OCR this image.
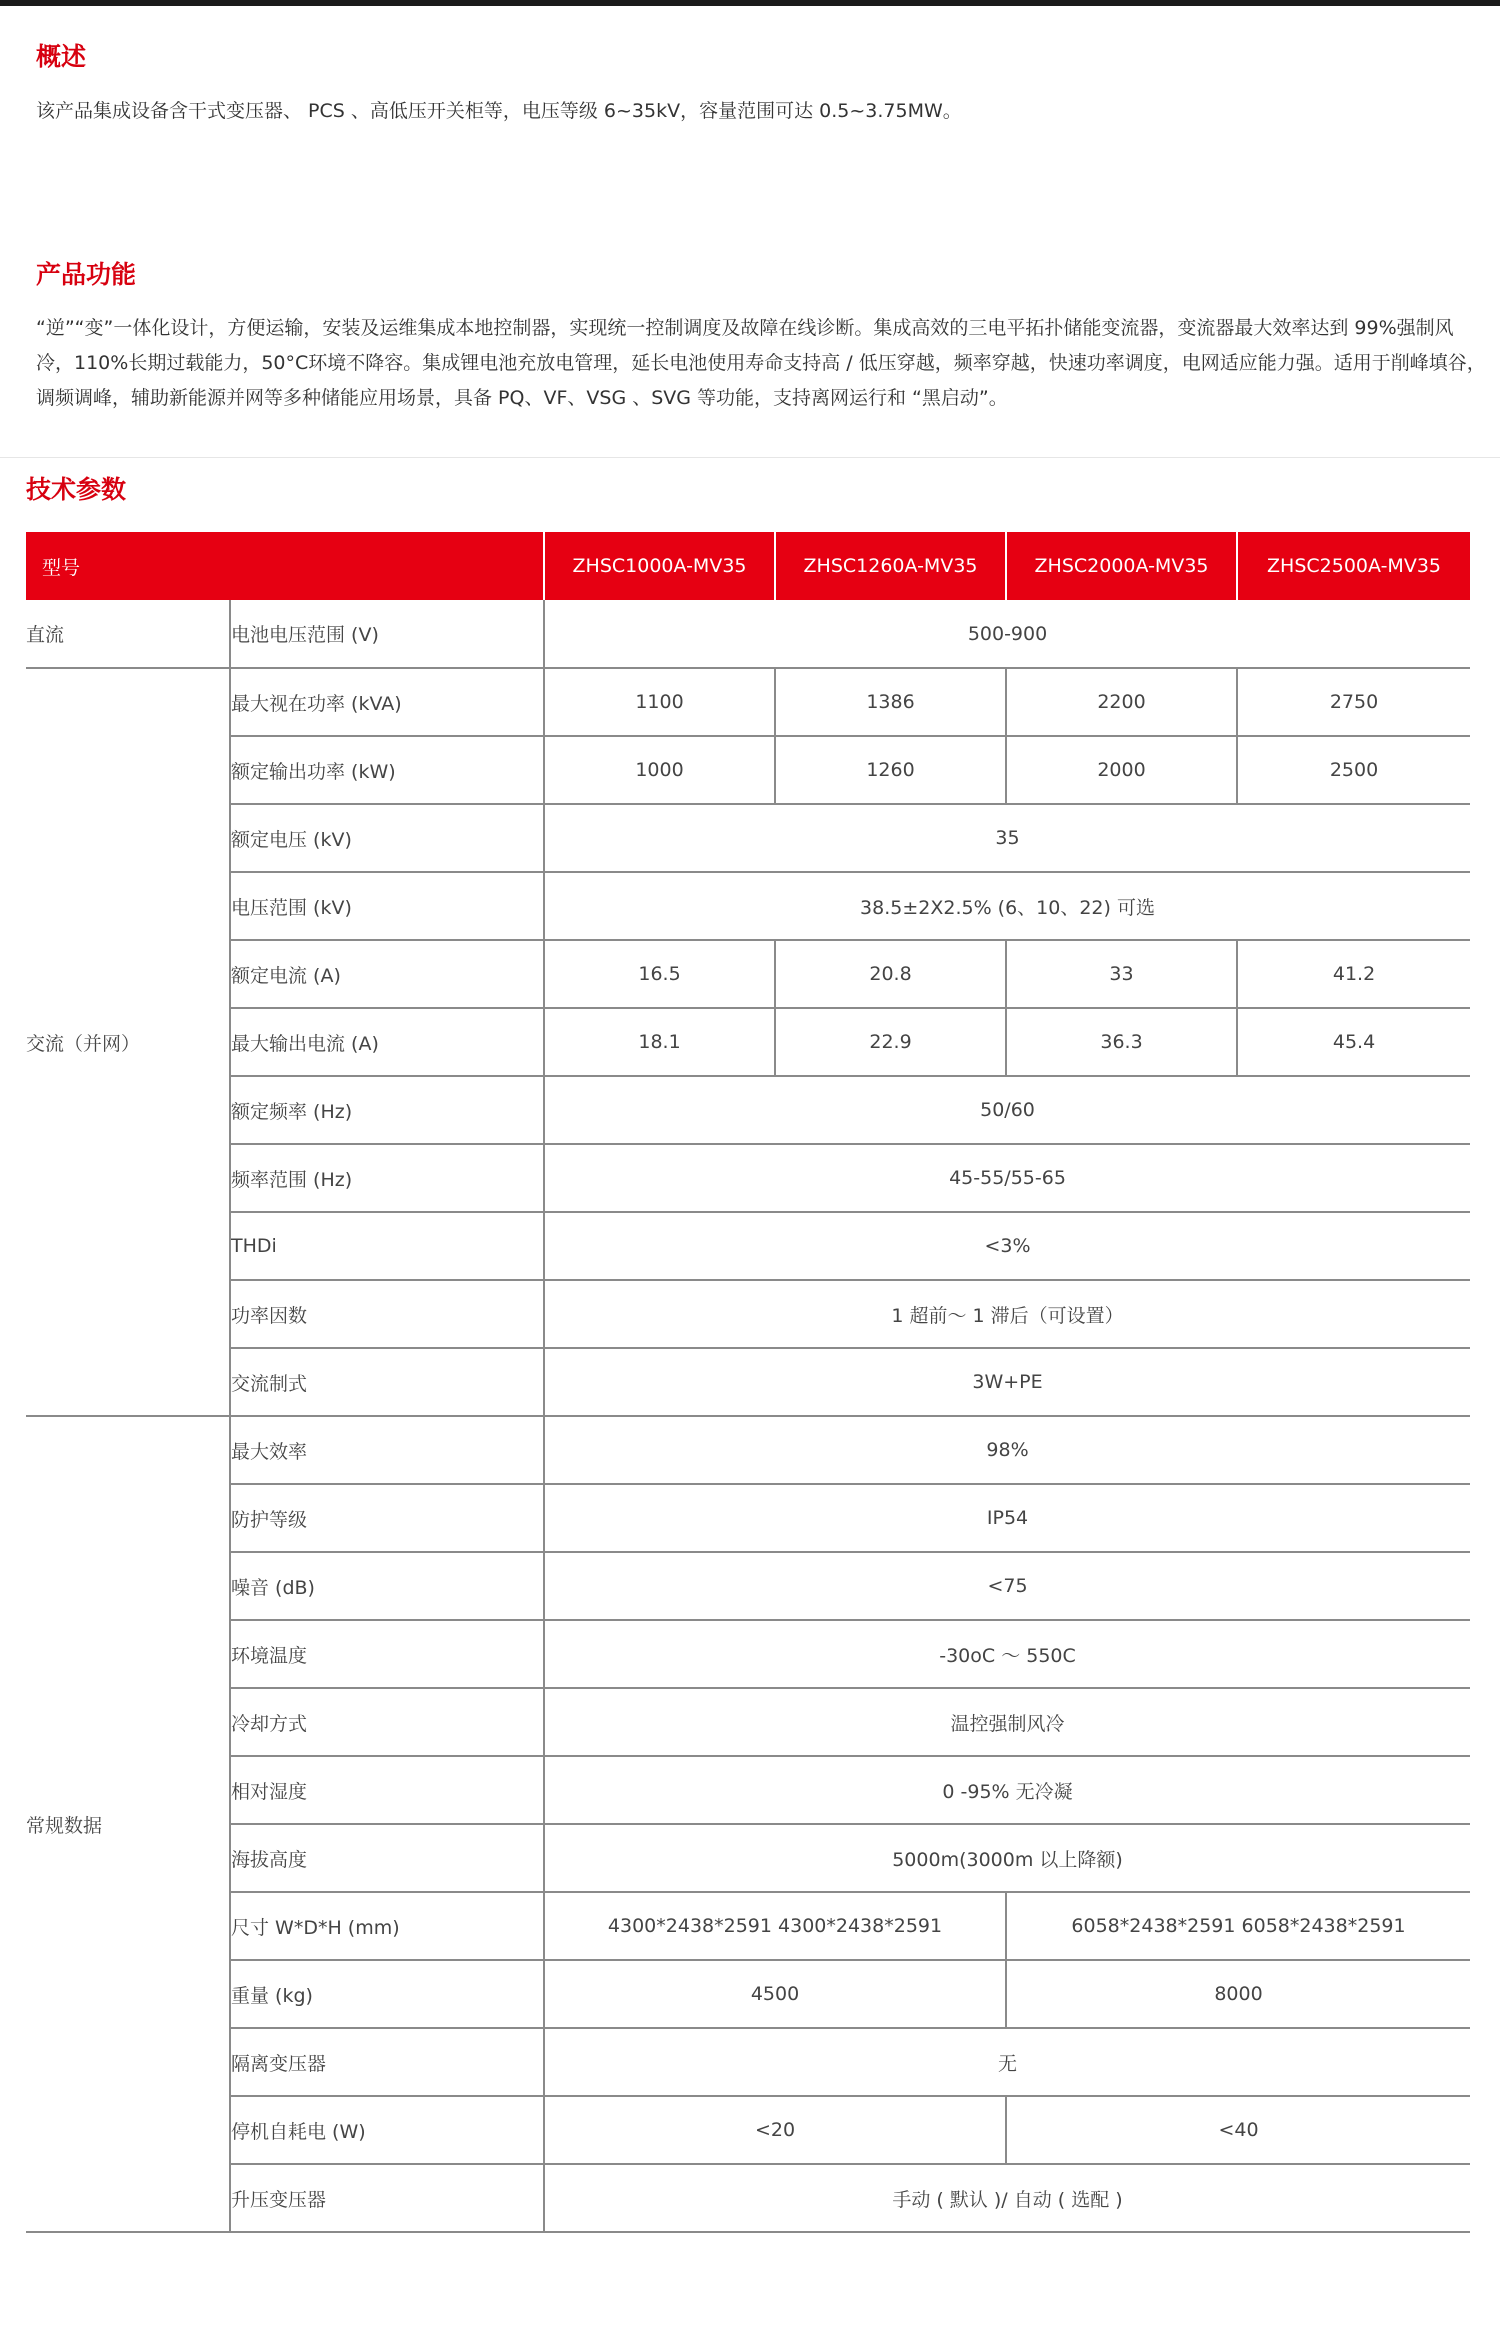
概述

该产品集成设备含干式变压器、 PCS 、高低压开关柜等，电压等级 6~35kV，容量范围可达 0.5~3.75MW。

产品功能

“逆”“变”一体化设计，方便运输，安装及运维集成本地控制器，实现统一控制调度及故障在线诊断。集成高效的三电平拓扑储能变流器，变流器最大效率达到 99%强制风冷，110%长期过载能力，50°C环境不降容。集成锂电池充放电管理，延长电池使用寿命支持高 / 低压穿越，频率穿越，快速功率调度，电网适应能力强。适用于削峰填谷，调频调峰，辅助新能源并网等多种储能应用场景，具备 PQ、VF、VSG 、SVG 等功能，支持离网运行和 “黑启动”。

技术参数
型号		ZHSC1000A-MV35	ZHSC1260A-MV35	ZHSC2000A-MV35	ZHSC2500A-MV35
直流	电池电压范围 (V)	500-900			
交流（并网）	最大视在功率 (kVA)	1100	1386	2200	2750
	额定输出功率 (kW)	1000	1260	2000	2500
	额定电压 (kV)	35			
	电压范围 (kV)	38.5±2X2.5% (6、10、22) 可选			
	额定电流 (A)	16.5	20.8	33	41.2
	最大输出电流 (A)	18.1	22.9	36.3	45.4
	额定频率 (Hz)	50/60			
	频率范围 (Hz)	45-55/55-65			
	THDi	<3%			
	功率因数	1 超前～ 1 滞后（可设置）			
	交流制式	3W+PE			
常规数据	最大效率	98%			
	防护等级	IP54			
	噪音 (dB)	<75			
	环境温度	-30oC ～ 550C			
	冷却方式	温控强制风冷			
	相对湿度	0 -95% 无冷凝			
	海拔高度	5000m(3000m 以上降额)			
	尺寸 W*D*H (mm)	4300*2438*2591 4300*2438*2591		6058*2438*2591 6058*2438*2591	
	重量 (kg)	4500		8000	
	隔离变压器	无			
	停机自耗电 (W)	<20		<40	
	升压变压器	手动 ( 默认 )/ 自动 ( 选配 )			
